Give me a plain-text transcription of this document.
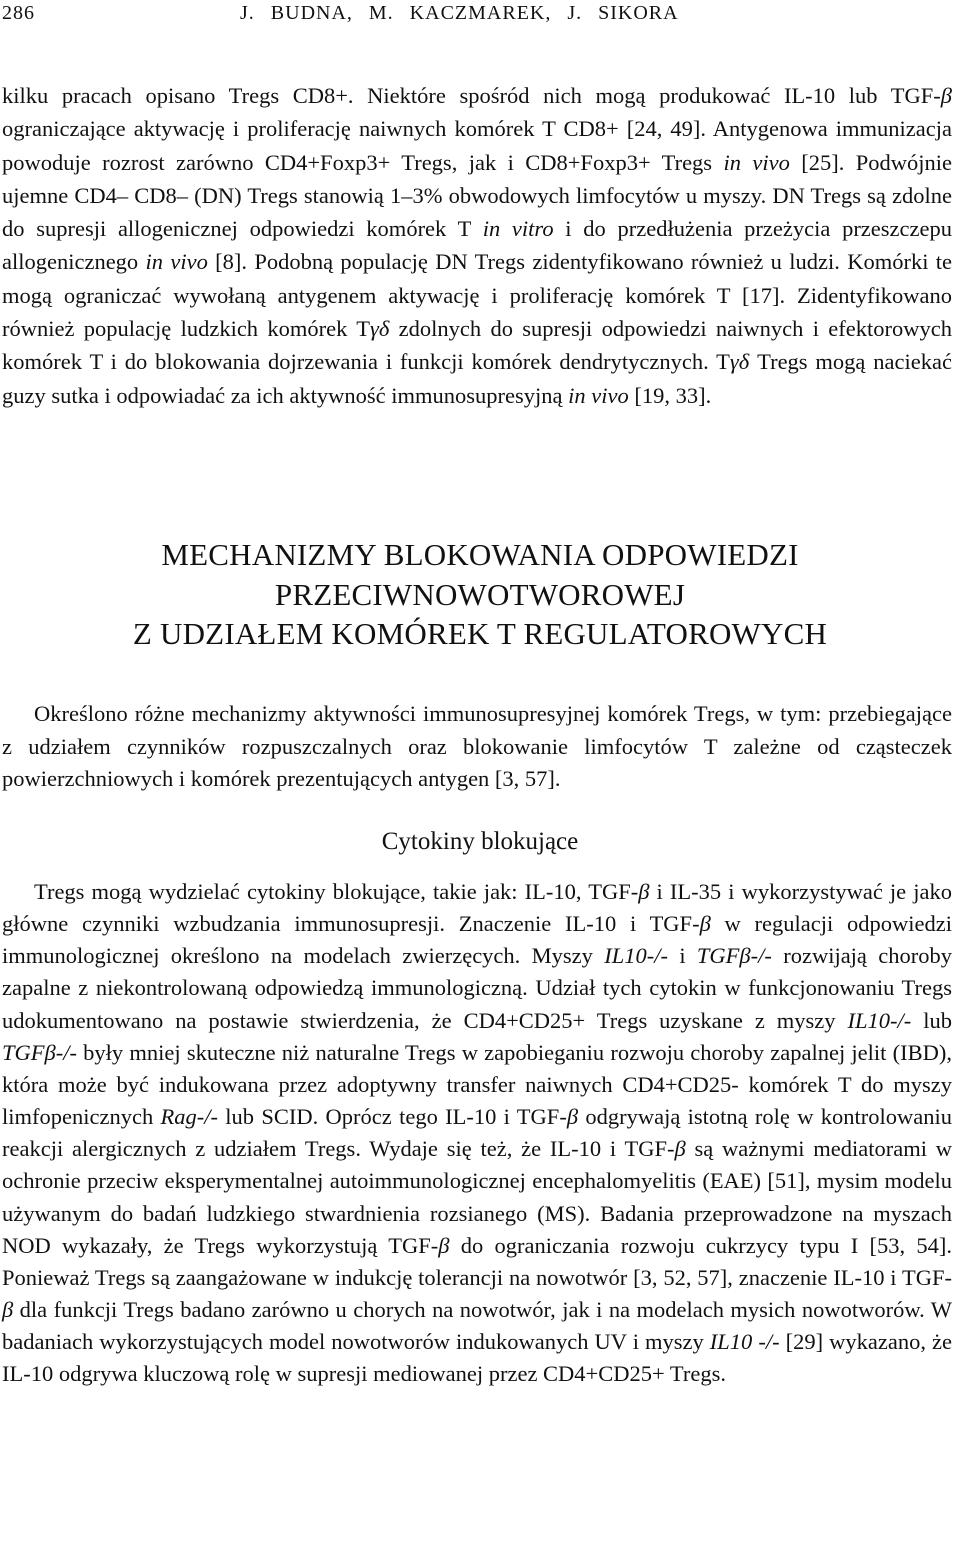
286	J. BUDNA, M. KACZMAREK, J. SIKORA

kilku pracach opisano Tregs CD8+. Niektóre spośród nich mogą produkować IL-10 lub TGF-β ograniczające aktywację i proliferację naiwnych komórek T CD8+ [24, 49]. Antygenowa immunizacja powoduje rozrost zarówno CD4+Foxp3+ Tregs, jak i CD8+Foxp3+ Tregs in vivo [25]. Podwójnie ujemne CD4– CD8– (DN) Tregs stanowią 1–3% obwodowych limfocytów u myszy. DN Tregs są zdolne do supresji allogenicznej odpowiedzi komórek T in vitro i do przedłużenia przeżycia przeszczepu allogenicznego in vivo [8]. Podobną populację DN Tregs zidentyfikowano również u ludzi. Komórki te mogą ograniczać wywołaną antygenem aktywację i proliferację komórek T [17]. Zidentyfikowano również populację ludzkich komórek Tγδ zdolnych do supresji odpowiedzi naiwnych i efektorowych komórek T i do blokowania dojrzewania i funkcji komórek dendrytycznych. Tγδ Tregs mogą naciekać guzy sutka i odpowiadać za ich aktywność immunosupresyjną in vivo [19, 33].

MECHANIZMY BLOKOWANIA ODPOWIEDZI
PRZECIWNOWOTWOROWEJ
Z UDZIAŁEM KOMÓREK T REGULATOROWYCH

Określono różne mechanizmy aktywności immunosupresyjnej komórek Tregs, w tym: przebiegające z udziałem czynników rozpuszczalnych oraz blokowanie limfocytów T zależne od cząsteczek powierzchniowych i komórek prezentujących antygen [3, 57].

Cytokiny blokujące

Tregs mogą wydzielać cytokiny blokujące, takie jak: IL-10, TGF-β i IL-35 i wykorzystywać je jako główne czynniki wzbudzania immunosupresji. Znaczenie IL-10 i TGF-β w regulacji odpowiedzi immunologicznej określono na modelach zwierzęcych. Myszy IL10-/- i TGFβ-/- rozwijają choroby zapalne z niekontrolowaną odpowiedzą immunologiczną. Udział tych cytokin w funkcjonowaniu Tregs udokumentowano na postawie stwierdzenia, że CD4+CD25+ Tregs uzyskane z myszy IL10-/- lub TGFβ-/- były mniej skuteczne niż naturalne Tregs w zapobieganiu rozwoju choroby zapalnej jelit (IBD), która może być indukowana przez adoptywny transfer naiwnych CD4+CD25- komórek T do myszy limfopenicznych Rag-/- lub SCID. Oprócz tego IL-10 i TGF-β odgrywają istotną rolę w kontrolowaniu reakcji alergicznych z udziałem Tregs. Wydaje się też, że IL-10 i TGF-β są ważnymi mediatorami w ochronie przeciw eksperymentalnej autoimmunologicznej encephalomyelitis (EAE) [51], mysim modelu używanym do badań ludzkiego stwardnienia rozsianego (MS). Badania przeprowadzone na myszach NOD wykazały, że Tregs wykorzystują TGF-β do ograniczania rozwoju cukrzycy typu I [53, 54]. Ponieważ Tregs są zaangażowane w indukcję tolerancji na nowotwór [3, 52, 57], znaczenie IL-10 i TGF-β dla funkcji Tregs badano zarówno u chorych na nowotwór, jak i na modelach mysich nowotworów. W badaniach wykorzystujących model nowotworów indukowanych UV i myszy IL10 -/- [29] wykazano, że IL-10 odgrywa kluczową rolę w supresji mediowanej przez CD4+CD25+ Tregs.
